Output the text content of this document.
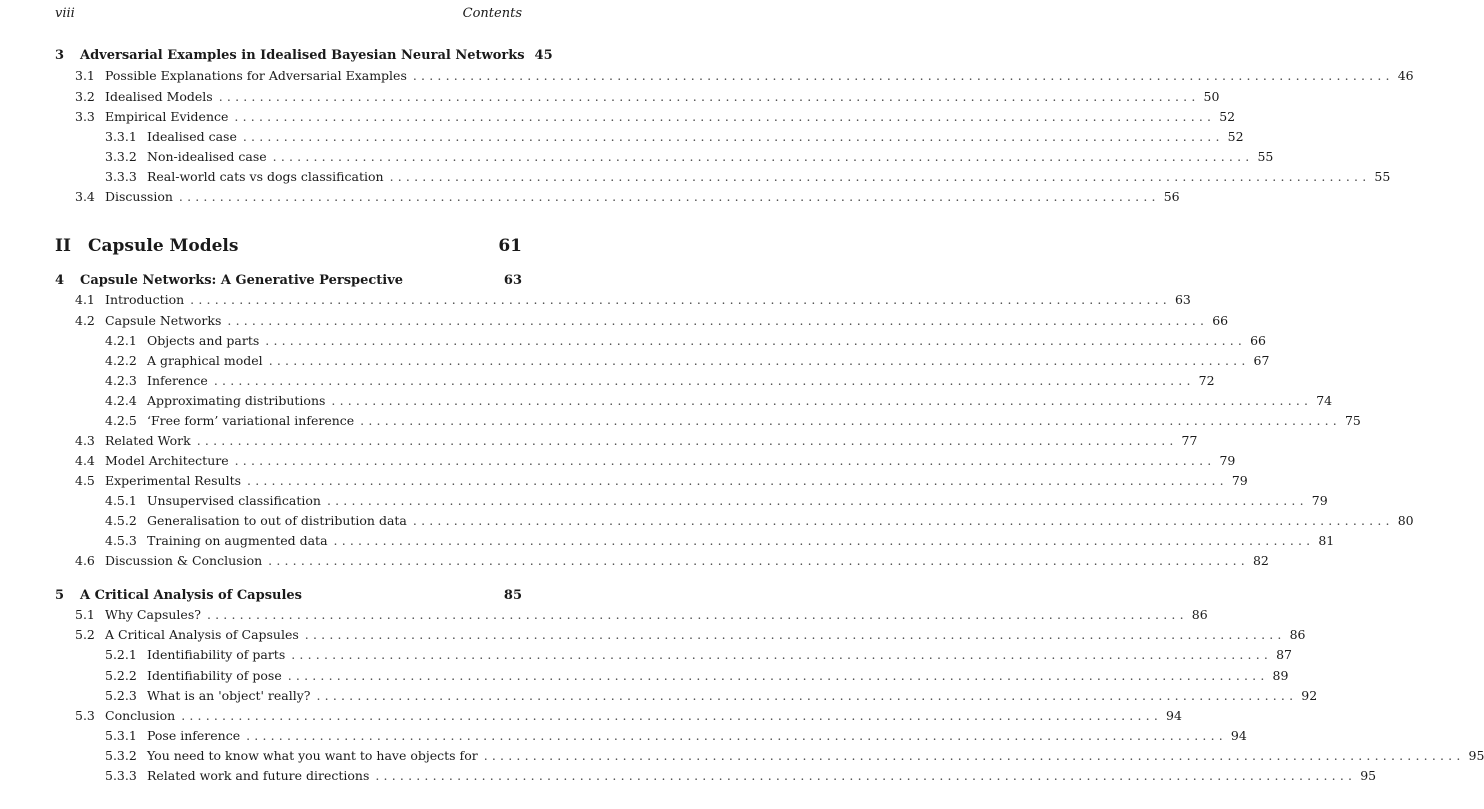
viii	Contents
3	Adversarial Examples in Idealised Bayesian Neural Networks 45
3.1 Possible Explanations for Adversarial Examples ........................................................................................................................ 46
3.2 Idealised Models ........................................................................................................................ 50
3.3 Empirical Evidence ........................................................................................................................ 52
3.3.1 Idealised case ........................................................................................................................ 52
3.3.2 Non-idealised case ........................................................................................................................ 55
3.3.3 Real-world cats vs dogs classification ........................................................................................................................ 55
3.4 Discussion ........................................................................................................................ 56
II	Capsule Models	61
4	Capsule Networks: A Generative Perspective	63
4.1 Introduction ........................................................................................................................ 63
4.2 Capsule Networks ........................................................................................................................ 66
4.2.1 Objects and parts ........................................................................................................................ 66
4.2.2 A graphical model ........................................................................................................................ 67
4.2.3 Inference ........................................................................................................................ 72
4.2.4 Approximating distributions ........................................................................................................................ 74
4.2.5 ‘Free form’ variational inference ........................................................................................................................ 75
4.3 Related Work ........................................................................................................................ 77
4.4 Model Architecture ........................................................................................................................ 79
4.5 Experimental Results ........................................................................................................................ 79
4.5.1 Unsupervised classification ........................................................................................................................ 79
4.5.2 Generalisation to out of distribution data ........................................................................................................................ 80
4.5.3 Training on augmented data ........................................................................................................................ 81
4.6 Discussion & Conclusion ........................................................................................................................ 82
5	A Critical Analysis of Capsules	85
5.1 Why Capsules? ........................................................................................................................ 86
5.2 A Critical Analysis of Capsules ........................................................................................................................ 86
5.2.1 Identifiability of parts ........................................................................................................................ 87
5.2.2 Identifiability of pose ........................................................................................................................ 89
5.2.3 What is an 'object' really? ........................................................................................................................ 92
5.3 Conclusion ........................................................................................................................ 94
5.3.1 Pose inference ........................................................................................................................ 94
5.3.2 You need to know what you want to have objects for ........................................................................................................................ 95
5.3.3 Related work and future directions ........................................................................................................................ 95
